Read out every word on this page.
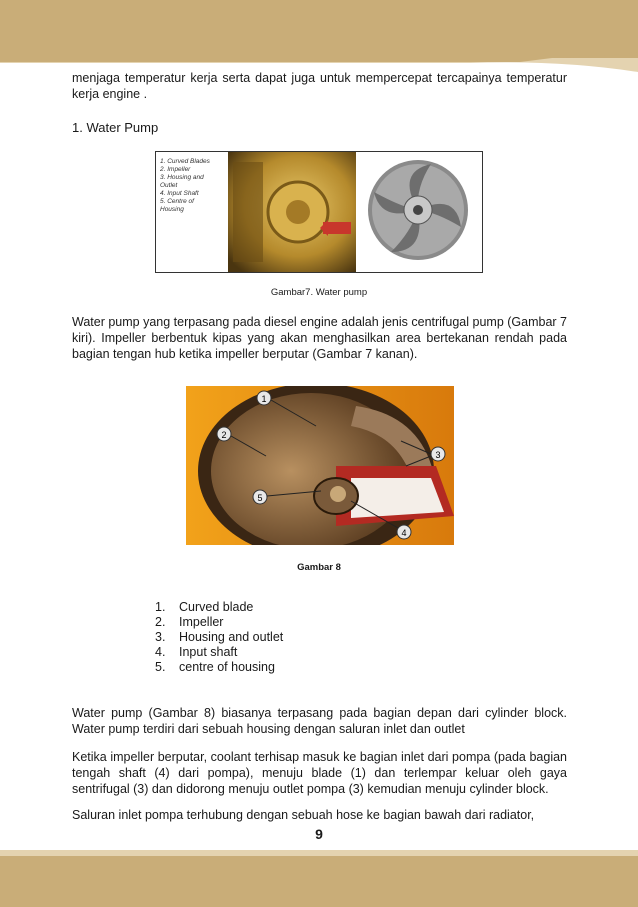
menjaga temperatur kerja serta dapat juga untuk mempercepat tercapainya temperatur kerja engine .

1. Water Pump
1. Curved Blades
2. Impeller
3. Housing and
Outlet
4. Input Shaft
5. Centre of
Housing
Gambar7. Water pump

Water pump yang terpasang pada diesel engine adalah jenis centrifugal pump (Gambar 7 kiri). Impeller berbentuk kipas yang akan menghasilkan area bertekanan rendah pada bagian tengan hub ketika impeller berputar (Gambar 7 kanan).

1
2
3
4
5
Gambar 8
1. Curved blade
2. Impeller
3. Housing and outlet
4. Input shaft
5. centre of housing

Water pump (Gambar 8) biasanya terpasang pada bagian depan dari cylinder block. Water pump terdiri dari sebuah housing dengan saluran inlet dan outlet

Ketika impeller berputar, coolant terhisap masuk ke bagian inlet dari pompa (pada bagian tengah shaft (4) dari pompa), menuju blade (1) dan terlempar keluar oleh gaya sentrifugal (3) dan didorong menuju outlet pompa (3) kemudian menuju cylinder block.

Saluran inlet pompa terhubung dengan sebuah hose ke bagian bawah dari radiator,

9
